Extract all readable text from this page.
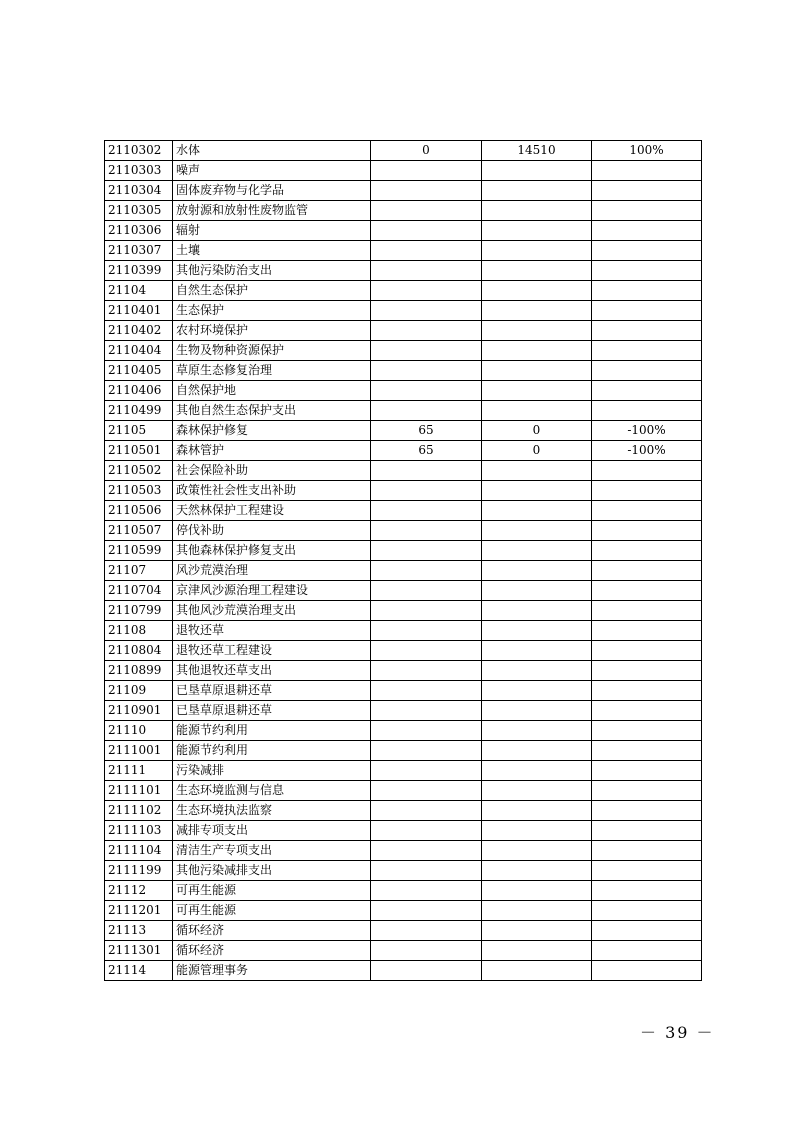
2110302	水体	0	14510	100%
2110303	噪声			
2110304	固体废弃物与化学品			
2110305	放射源和放射性废物监管			
2110306	辐射			
2110307	土壤			
2110399	其他污染防治支出			
21104	自然生态保护			
2110401	生态保护			
2110402	农村环境保护			
2110404	生物及物种资源保护			
2110405	草原生态修复治理			
2110406	自然保护地			
2110499	其他自然生态保护支出			
21105	森林保护修复	65	0	-100%
2110501	森林管护	65	0	-100%
2110502	社会保险补助			
2110503	政策性社会性支出补助			
2110506	天然林保护工程建设			
2110507	停伐补助			
2110599	其他森林保护修复支出			
21107	风沙荒漠治理			
2110704	京津风沙源治理工程建设			
2110799	其他风沙荒漠治理支出			
21108	退牧还草			
2110804	退牧还草工程建设			
2110899	其他退牧还草支出			
21109	已垦草原退耕还草			
2110901	已垦草原退耕还草			
21110	能源节约利用			
2111001	能源节约利用			
21111	污染减排			
2111101	生态环境监测与信息			
2111102	生态环境执法监察			
2111103	减排专项支出			
2111104	清洁生产专项支出			
2111199	其他污染减排支出			
21112	可再生能源			
2111201	可再生能源			
21113	循环经济			
2111301	循环经济			
21114	能源管理事务			
－ 39 －
